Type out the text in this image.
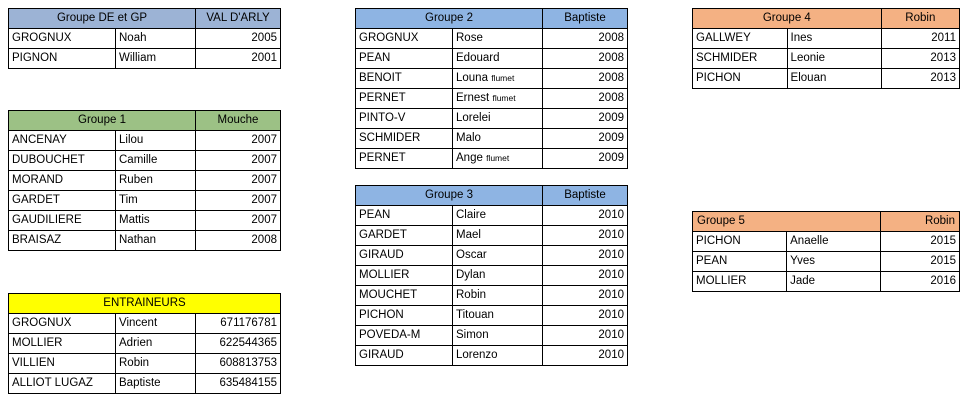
Groupe DE et GP		VAL D'ARLY
GROGNUX	Noah	2005
PIGNON	William	2001
Groupe 1		Mouche
ANCENAY	Lilou	2007
DUBOUCHET	Camille	2007
MORAND	Ruben	2007
GARDET	Tim	2007
GAUDILIERE	Mattis	2007
BRAISAZ	Nathan	2008
ENTRAINEURS		
GROGNUX	Vincent	671176781
MOLLIER	Adrien	622544365
VILLIEN	Robin	608813753
ALLIOT LUGAZ	Baptiste	635484155
Groupe 2		Baptiste
GROGNUX	Rose	2008
PEAN	Edouard	2008
BENOIT	Louna flumet	2008
PERNET	Ernest flumet	2008
PINTO-V	Lorelei	2009
SCHMIDER	Malo	2009
PERNET	Ange flumet	2009
Groupe 3		Baptiste
PEAN	Claire	2010
GARDET	Mael	2010
GIRAUD	Oscar	2010
MOLLIER	Dylan	2010
MOUCHET	Robin	2010
PICHON	Titouan	2010
POVEDA-M	Simon	2010
GIRAUD	Lorenzo	2010
Groupe 4		Robin
GALLWEY	Ines	2011
SCHMIDER	Leonie	2013
PICHON	Elouan	2013
Groupe 5		Robin
PICHON	Anaelle	2015
PEAN	Yves	2015
MOLLIER	Jade	2016
